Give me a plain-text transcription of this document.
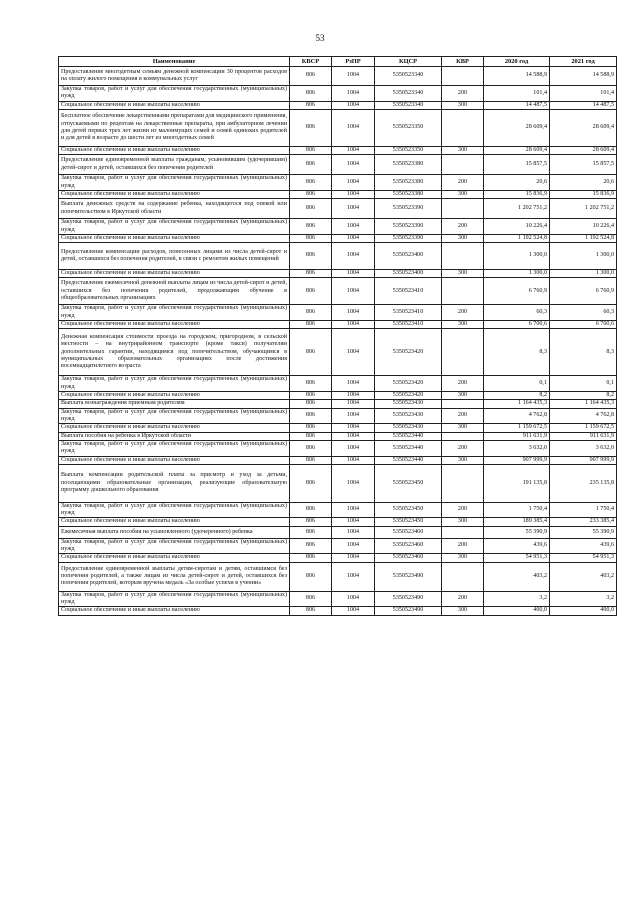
53
Наименование	КВСР	РзПР	КЦСР	КВР	2020 год	2021 год
Предоставление многодетным семьям денежной компенсации 30 процентов расходов на оплату жилого помещения в коммунальных услуг	806	1004	5350523340		14 588,9	14 588,9
Закупка товаров, работ и услуг для обеспечения государственных (муниципальных) нужд	806	1004	5350523340	200	101,4	101,4
Социальное обеспечение и иные выплаты населению	806	1004	5350523340	300	14 487,5	14 487,5
Бесплатное обеспечение лекарственными препаратами для медицинского применения, отпускаемыми по рецептам на лекарственные препараты, при амбулаторном лечении для детей первых трех лет жизни из малоимущих семей и семей одиноких родителей и для детей в возрасте до шести лет из многодетных семей	806	1004	5350523350		28 609,4	28 609,4
Социальное обеспечение и иные выплаты населению	806	1004	5350523350	300	28 609,4	28 609,4
Предоставление единовременной выплаты гражданам, усыновившим (удочерившим) детей-сирот и детей, оставшихся без попечения родителей	806	1004	5350523380		15 857,5	15 857,5
Закупка товаров, работ и услуг для обеспечения государственных (муниципальных) нужд	806	1004	5350523380	200	20,6	20,6
Социальное обеспечение и иные выплаты населению	806	1004	5350523380	300	15 836,9	15 836,9
Выплата денежных средств на содержание ребенка, находящегося под опекой или попечительством в Иркутской области	806	1004	5350523390		1 202 751,2	1 202 751,2
Закупка товаров, работ и услуг для обеспечения государственных (муниципальных) нужд	806	1004	5350523390	200	10 226,4	10 226,4
Социальное обеспечение и иные выплаты населению	806	1004	5350523390	300	1 192 524,8	1 192 524,8
Предоставление компенсации расходов, понесенных лицами из числа детей-сирот и детей, оставшихся без попечения родителей, в связи с ремонтом жилых помещений	806	1004	5350523400		1 300,0	1 300,0
Социальное обеспечение и иные выплаты населению	806	1004	5350523400	300	1 300,0	1 300,0
Предоставление ежемесячной денежной выплаты лицам из числа детей-сирот и детей, оставшихся без попечения родителей, продолжающим обучение в общеобразовательных организациях	806	1004	5350523410		6 760,9	6 760,9
Закупка товаров, работ и услуг для обеспечения государственных (муниципальных) нужд	806	1004	5350523410	200	60,3	60,3
Социальное обеспечение и иные выплаты населению	806	1004	5350523410	300	6 700,6	6 700,6
Денежная компенсация стоимости проезда на городском, пригородном, в сельской местности – на внутрирайонном транспорте (кроме такси) получателям дополнительных гарантии, находящимся под попечительством, обучающимся в муниципальных образовательных организациях после достижения восемнадцатилетнего возраста	806	1004	5350523420		8,3	8,3
Закупка товаров, работ и услуг для обеспечения государственных (муниципальных) нужд	806	1004	5350523420	200	0,1	0,1
Социальное обеспечение и иные выплаты населению	806	1004	5350523420	300	8,2	8,2
Выплата вознаграждения приемным родителям	806	1004	5350523430		1 164 435,3	1 164 435,3
Закупка товаров, работ и услуг для обеспечения государственных (муниципальных) нужд	806	1004	5350523430	200	4 762,8	4 762,8
Социальное обеспечение и иные выплаты населению	806	1004	5350523430	300	1 159 672,5	1 159 672,5
Выплата пособия на ребенка в Иркутской области	806	1004	5350523440		911 631,9	911 631,9
Закупка товаров, работ и услуг для обеспечения государственных (муниципальных) нужд	806	1004	5350523440	200	3 632,0	3 632,0
Социальное обеспечение и иные выплаты населению	806	1004	5350523440	300	907 999,9	907 999,9
Выплата компенсации родительской платы за присмотр и уход за детьми, посещающими образовательные организации, реализующие образовательную программу дошкольного образования	806	1004	5350523450		191 135,8	235 135,8
Закупка товаров, работ и услуг для обеспечения государственных (муниципальных) нужд	806	1004	5350523450	200	1 750,4	1 750,4
Социальное обеспечение и иные выплаты населению	806	1004	5350523450	300	189 385,4	233 385,4
Ежемесячная выплата пособия на усыновленного (удочеренного) ребенка	806	1004	5350523460		55 390,9	55 390,9
Закупка товаров, работ и услуг для обеспечения государственных (муниципальных) нужд	806	1004	5350523460	200	439,6	439,6
Социальное обеспечение и иные выплаты населению	806	1004	5350523460	300	54 951,3	54 951,3
Предоставление единовременной выплаты детям-сиротам и детям, оставшимся без попечения родителей, а также лицам из числа детей-сирот и детей, оставшихся без попечения родителей, которым вручена медаль «За особые успехи в учении»	806	1004	5350523490		403,2	403,2
Закупка товаров, работ и услуг для обеспечения государственных (муниципальных) нужд	806	1004	5350523490	200	3,2	3,2
Социальное обеспечение и иные выплаты населению	806	1004	5350523490	300	400,0	400,0
